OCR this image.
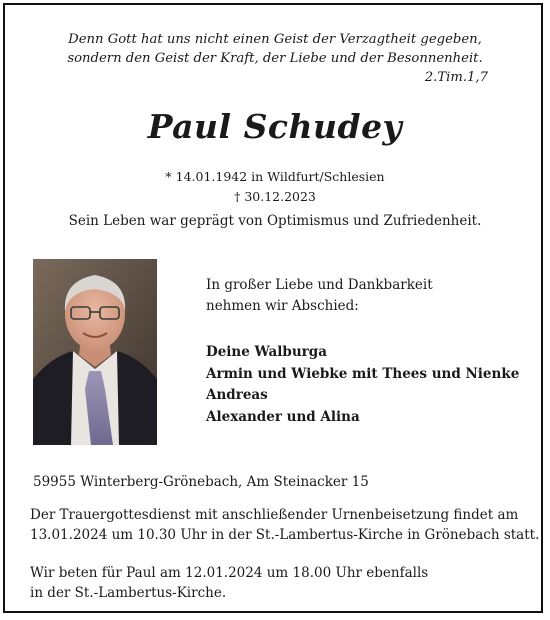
Denn Gott hat uns nicht einen Geist der Verzagtheit gegeben,
sondern den Geist der Kraft, der Liebe und der Besonnenheit.
2.Tim.1,7
Paul Schudey
* 14.01.1942 in Wildfurt/Schlesien
† 30.12.2023
Sein Leben war geprägt von Optimismus und Zufriedenheit.
In großer Liebe und Dankbarkeit
nehmen wir Abschied:
Deine Walburga
Armin und Wiebke mit Thees und Nienke
Andreas
Alexander und Alina
59955 Winterberg-Grönebach, Am Steinacker 15
Der Trauergottesdienst mit anschließender Urnenbeisetzung findet am
13.01.2024 um 10.30 Uhr in der St.-Lambertus-Kirche in Grönebach statt.
Wir beten für Paul am 12.01.2024 um 18.00 Uhr ebenfalls
in der St.-Lambertus-Kirche.
